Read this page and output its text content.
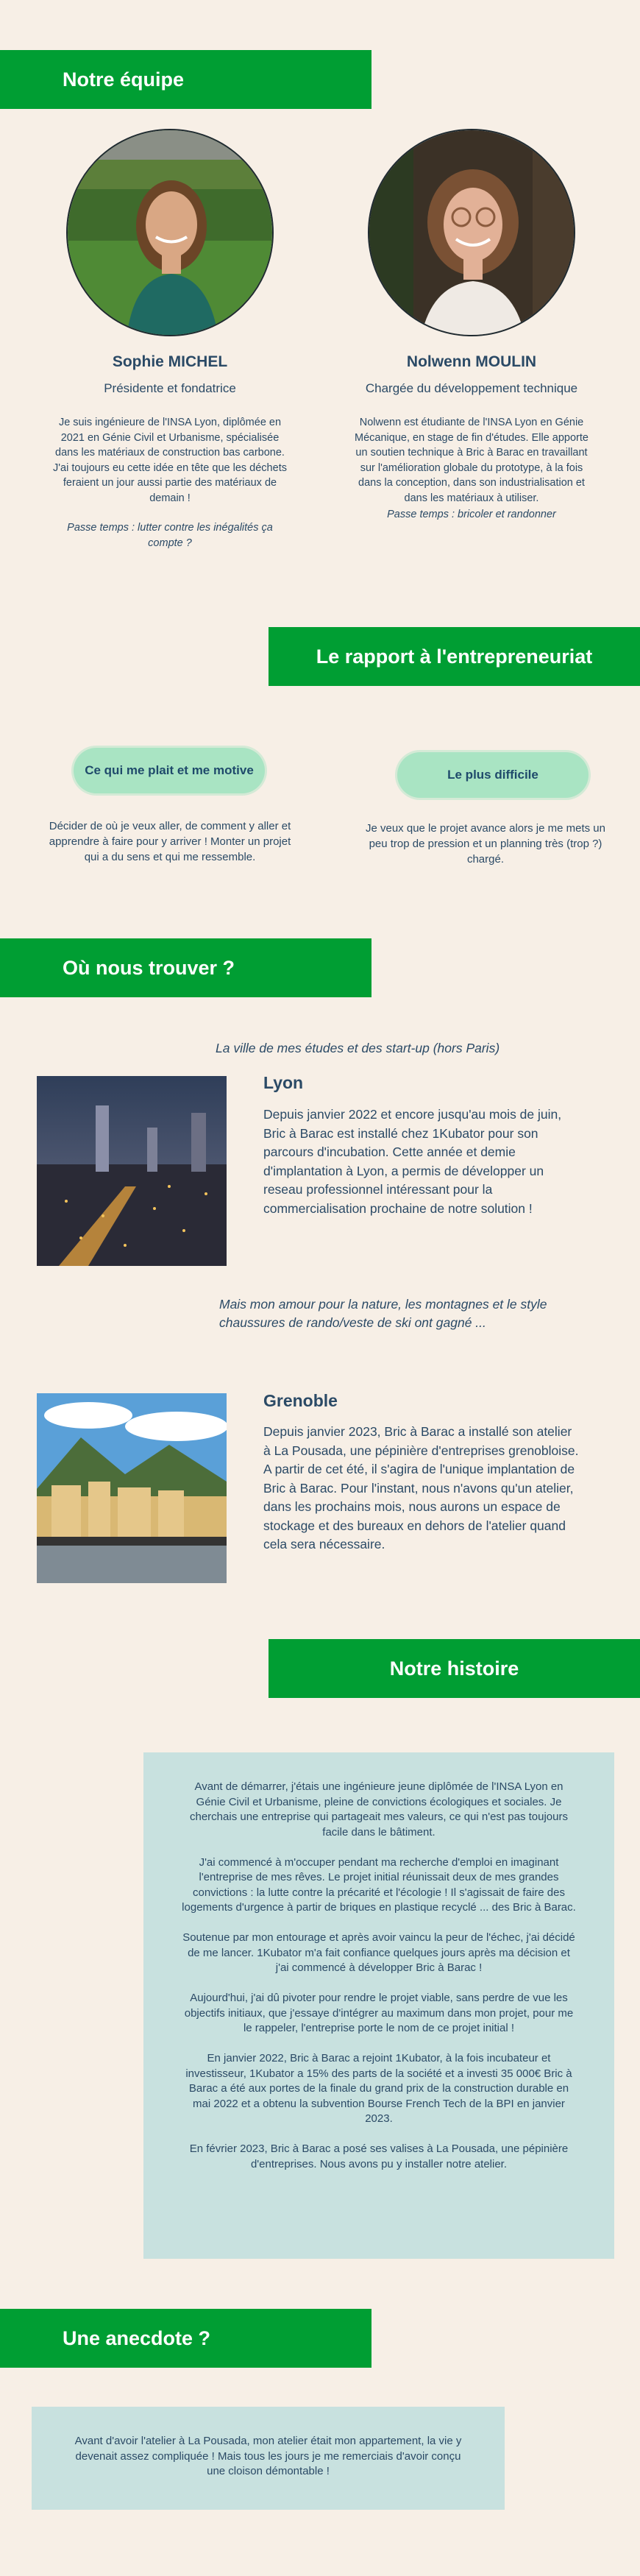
Notre équipe
Sophie MICHEL
Présidente et fondatrice

Je suis ingénieure de l'INSA Lyon, diplômée en 2021 en Génie Civil et Urbanisme, spécialisée dans les matériaux de construction bas carbone. J'ai toujours eu cette idée en tête que les déchets feraient un jour aussi partie des matériaux de demain !

Passe temps : lutter contre les inégalités ça compte ?

Nolwenn MOULIN
Chargée du développement technique

Nolwenn est étudiante de l'INSA Lyon en Génie Mécanique, en stage de fin d'études. Elle apporte un soutien technique à Bric à Barac en travaillant sur l'amélioration globale du prototype, à la fois dans la conception, dans son industrialisation et dans les matériaux à utiliser.

Passe temps : bricoler et randonner

Le rapport à l'entrepreneuriat
Ce qui me plait et me motive
Décider de où je veux aller, de comment y aller et apprendre à faire pour y arriver ! Monter un projet qui a du sens et qui me ressemble.
Le plus difficile
Je veux que le projet avance alors je me mets un peu trop de pression et un planning très (trop ?) chargé.
Où nous trouver ?
La ville de mes études et des start-up (hors Paris)
Lyon
Depuis janvier 2022 et encore jusqu'au mois de juin, Bric à Barac est installé chez 1Kubator pour son parcours d'incubation. Cette année et demie d'implantation à Lyon, a permis de développer un reseau professionnel intéressant pour la commercialisation prochaine de notre solution !
Mais mon amour pour la nature, les montagnes et le style chaussures de rando/veste de ski ont gagné ...
Grenoble
Depuis janvier 2023, Bric à Barac a installé son atelier à La Pousada, une pépinière d'entreprises grenobloise. A partir de cet été, il s'agira de l'unique implantation de Bric à Barac. Pour l'instant, nous n'avons qu'un atelier, dans les prochains mois, nous aurons un espace de stockage et des bureaux en dehors de l'atelier quand cela sera nécessaire.
Notre histoire

Avant de démarrer, j'étais une ingénieure jeune diplômée de l'INSA Lyon en Génie Civil et Urbanisme, pleine de convictions écologiques et sociales. Je cherchais une entreprise qui partageait mes valeurs, ce qui n'est pas toujours facile dans le bâtiment.

J'ai commencé à m'occuper pendant ma recherche d'emploi en imaginant l'entreprise de mes rêves. Le projet initial réunissait deux de mes grandes convictions : la lutte contre la précarité et l'écologie ! Il s'agissait de faire des logements d'urgence à partir de briques en plastique recyclé ... des Bric à Barac.

Soutenue par mon entourage et après avoir vaincu la peur de l'échec, j'ai décidé de me lancer. 1Kubator m'a fait confiance quelques jours après ma décision et j'ai commencé à développer Bric à Barac !

Aujourd'hui, j'ai dû pivoter pour rendre le projet viable, sans perdre de vue les objectifs initiaux, que j'essaye d'intégrer au maximum dans mon projet, pour me le rappeler, l'entreprise porte le nom de ce projet initial !

En janvier 2022, Bric à Barac a rejoint 1Kubator, à la fois incubateur et investisseur, 1Kubator a 15% des parts de la société et a investi 35 000€ Bric à Barac a été aux portes de la finale du grand prix de la construction durable en mai 2022 et a obtenu la subvention Bourse French Tech de la BPI en janvier 2023.

En février 2023, Bric à Barac a posé ses valises à La Pousada, une pépinière d'entreprises. Nous avons pu y installer notre atelier.

Une anecdote ?

Avant d'avoir l'atelier à La Pousada, mon atelier était mon appartement, la vie y devenait assez compliquée ! Mais tous les jours je me remerciais d'avoir conçu une cloison démontable !
